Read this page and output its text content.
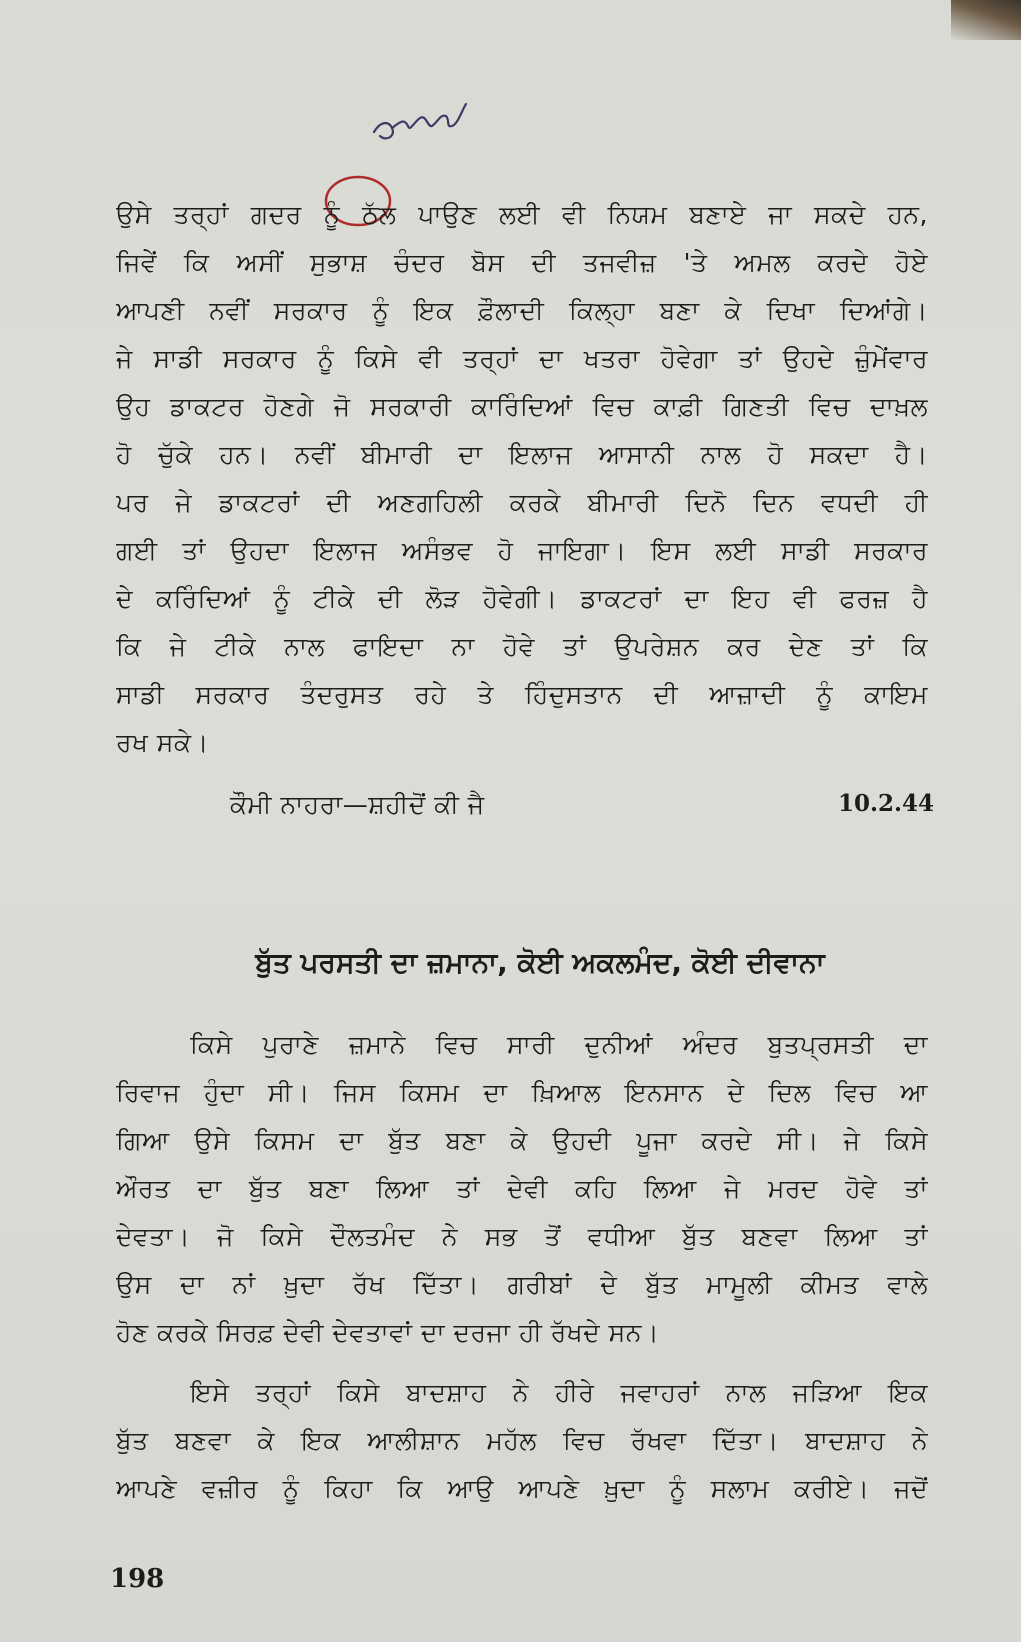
ਉਸੇ ਤਰ੍ਹਾਂ ਗਦਰ ਨੂੰ ਠੱਲ ਪਾਉਣ ਲਈ ਵੀ ਨਿਯਮ ਬਣਾਏ ਜਾ ਸਕਦੇ ਹਨ,
ਜਿਵੇਂ ਕਿ ਅਸੀਂ ਸੁਭਾਸ਼ ਚੰਦਰ ਬੋਸ ਦੀ ਤਜਵੀਜ਼ 'ਤੇ ਅਮਲ ਕਰਦੇ ਹੋਏ
ਆਪਣੀ ਨਵੀਂ ਸਰਕਾਰ ਨੂੰ ਇਕ ਫ਼ੌਲਾਦੀ ਕਿਲ੍ਹਾ ਬਣਾ ਕੇ ਦਿਖਾ ਦਿਆਂਗੇ।
ਜੇ ਸਾਡੀ ਸਰਕਾਰ ਨੂੰ ਕਿਸੇ ਵੀ ਤਰ੍ਹਾਂ ਦਾ ਖਤਰਾ ਹੋਵੇਗਾ ਤਾਂ ਉਹਦੇ ਜ਼ੁੰਮੇਂਵਾਰ
ਉਹ ਡਾਕਟਰ ਹੋਣਗੇ ਜੋ ਸਰਕਾਰੀ ਕਾਰਿੰਦਿਆਂ ਵਿਚ ਕਾਫ਼ੀ ਗਿਣਤੀ ਵਿਚ ਦਾਖ਼ਲ
ਹੋ ਚੁੱਕੇ ਹਨ। ਨਵੀਂ ਬੀਮਾਰੀ ਦਾ ਇਲਾਜ ਆਸਾਨੀ ਨਾਲ ਹੋ ਸਕਦਾ ਹੈ।
ਪਰ ਜੇ ਡਾਕਟਰਾਂ ਦੀ ਅਣਗਹਿਲੀ ਕਰਕੇ ਬੀਮਾਰੀ ਦਿਨੋ ਦਿਨ ਵਧਦੀ ਹੀ
ਗਈ ਤਾਂ ਉਹਦਾ ਇਲਾਜ ਅਸੰਭਵ ਹੋ ਜਾਇਗਾ। ਇਸ ਲਈ ਸਾਡੀ ਸਰਕਾਰ
ਦੇ ਕਰਿੰਦਿਆਂ ਨੂੰ ਟੀਕੇ ਦੀ ਲੋੜ ਹੋਵੇਗੀ। ਡਾਕਟਰਾਂ ਦਾ ਇਹ ਵੀ ਫਰਜ਼ ਹੈ
ਕਿ ਜੇ ਟੀਕੇ ਨਾਲ ਫਾਇਦਾ ਨਾ ਹੋਵੇ ਤਾਂ ਉਪਰੇਸ਼ਨ ਕਰ ਦੇਣ ਤਾਂ ਕਿ
ਸਾਡੀ ਸਰਕਾਰ ਤੰਦਰੁਸਤ ਰਹੇ ਤੇ ਹਿੰਦੁਸਤਾਨ ਦੀ ਆਜ਼ਾਦੀ ਨੂੰ ਕਾਇਮ
ਰਖ ਸਕੇ।
ਕੌਮੀ ਨਾਹਰਾ—ਸ਼ਹੀਦੋਂ ਕੀ ਜੈ	10.2.44
ਬੁੱਤ ਪਰਸਤੀ ਦਾ ਜ਼ਮਾਨਾ, ਕੋਈ ਅਕਲਮੰਦ, ਕੋਈ ਦੀਵਾਨਾ
ਕਿਸੇ ਪੁਰਾਣੇ ਜ਼ਮਾਨੇ ਵਿਚ ਸਾਰੀ ਦੁਨੀਆਂ ਅੰਦਰ ਬੁਤਪ੍ਰਸਤੀ ਦਾ
ਰਿਵਾਜ ਹੁੰਦਾ ਸੀ। ਜਿਸ ਕਿਸਮ ਦਾ ਖ਼ਿਆਲ ਇਨਸਾਨ ਦੇ ਦਿਲ ਵਿਚ ਆ
ਗਿਆ ਉਸੇ ਕਿਸਮ ਦਾ ਬੁੱਤ ਬਣਾ ਕੇ ਉਹਦੀ ਪੂਜਾ ਕਰਦੇ ਸੀ। ਜੇ ਕਿਸੇ
ਔਰਤ ਦਾ ਬੁੱਤ ਬਣਾ ਲਿਆ ਤਾਂ ਦੇਵੀ ਕਹਿ ਲਿਆ ਜੇ ਮਰਦ ਹੋਵੇ ਤਾਂ
ਦੇਵਤਾ। ਜੋ ਕਿਸੇ ਦੌਲਤਮੰਦ ਨੇ ਸਭ ਤੋਂ ਵਧੀਆ ਬੁੱਤ ਬਣਵਾ ਲਿਆ ਤਾਂ
ਉਸ ਦਾ ਨਾਂ ਖ਼ੁਦਾ ਰੱਖ ਦਿੱਤਾ। ਗਰੀਬਾਂ ਦੇ ਬੁੱਤ ਮਾਮੂਲੀ ਕੀਮਤ ਵਾਲੇ
ਹੋਣ ਕਰਕੇ ਸਿਰਫ਼ ਦੇਵੀ ਦੇਵਤਾਵਾਂ ਦਾ ਦਰਜਾ ਹੀ ਰੱਖਦੇ ਸਨ।
ਇਸੇ ਤਰ੍ਹਾਂ ਕਿਸੇ ਬਾਦਸ਼ਾਹ ਨੇ ਹੀਰੇ ਜਵਾਹਰਾਂ ਨਾਲ ਜੜਿਆ ਇਕ
ਬੁੱਤ ਬਣਵਾ ਕੇ ਇਕ ਆਲੀਸ਼ਾਨ ਮਹੱਲ ਵਿਚ ਰੱਖਵਾ ਦਿੱਤਾ। ਬਾਦਸ਼ਾਹ ਨੇ
ਆਪਣੇ ਵਜ਼ੀਰ ਨੂੰ ਕਿਹਾ ਕਿ ਆਉ ਆਪਣੇ ਖ਼ੁਦਾ ਨੂੰ ਸਲਾਮ ਕਰੀਏ। ਜਦੋਂ
198
